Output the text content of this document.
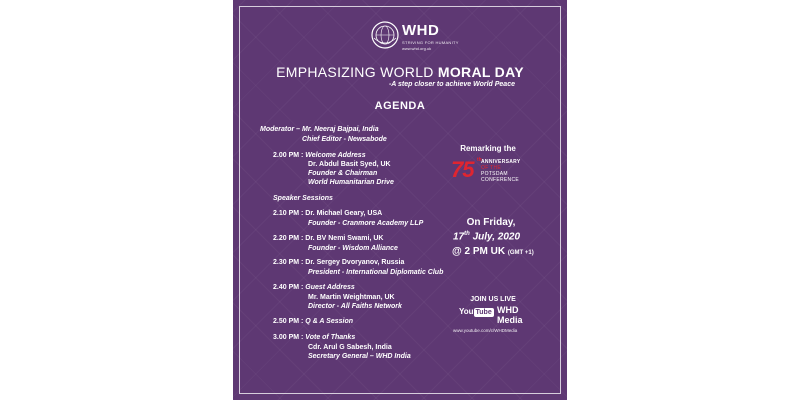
WHD
STRIVING FOR HUMANITY
www.whd.org.uk
EMPHASIZING WORLD MORAL DAY
-A step closer to achieve World Peace
AGENDA
Moderator – Mr. Neeraj Bajpai, India
Chief Editor - Newsabode
2.00 PM : Welcome Address
Dr. Abdul Basit Syed, UK
Founder & Chairman
World Humanitarian Drive
Speaker Sessions
2.10 PM : Dr. Michael Geary, USA
Founder - Cranmore Academy LLP
2.20 PM : Dr. BV Nemi Swami, UK
Founder - Wisdom Alliance
2.30 PM : Dr. Sergey Dvoryanov, Russia
President - International Diplomatic Club
2.40 PM : Guest Address
Mr. Martin Weightman, UK
Director - All Faiths Network
2.50 PM : Q & A Session
3.00 PM : Vote of Thanks
Cdr. Arul G Sabesh, India
Secretary General – WHD India
Remarking the
75 th ANNIVERSARY
OF THE
POTSDAM
CONFERENCE
On Friday,
17th July, 2020
@ 2 PM UK (GMT +1)
JOIN US LIVE
You Tube WHD
Media
www.youtube.com/c/WHDMedia
